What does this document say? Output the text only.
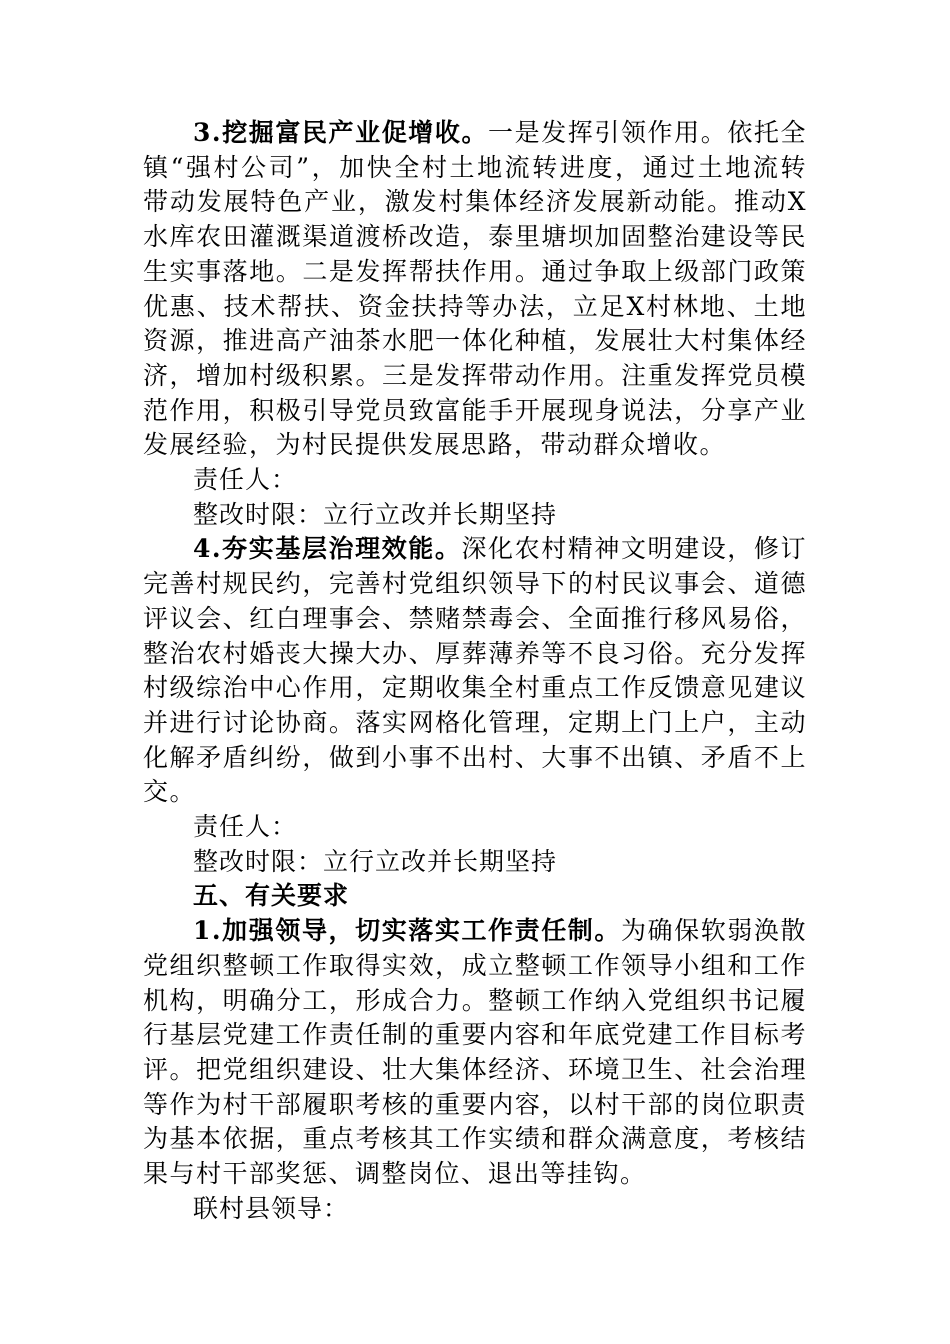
3.挖掘富民产业促增收。一是发挥引领作用。依托全镇“强村公司”，加快全村土地流转进度，通过土地流转带动发展特色产业，激发村集体经济发展新动能。推动X水库农田灌溉渠道渡桥改造，泰里塘坝加固整治建设等民生实事落地。二是发挥帮扶作用。通过争取上级部门政策优惠、技术帮扶、资金扶持等办法，立足X村林地、土地资源，推进高产油茶水肥一体化种植，发展壮大村集体经济，增加村级积累。三是发挥带动作用。注重发挥党员模范作用，积极引导党员致富能手开展现身说法，分享产业发展经验，为村民提供发展思路，带动群众增收。

责任人：

整改时限：立行立改并长期坚持

4.夯实基层治理效能。深化农村精神文明建设，修订完善村规民约，完善村党组织领导下的村民议事会、道德评议会、红白理事会、禁赌禁毒会、全面推行移风易俗，整治农村婚丧大操大办、厚葬薄养等不良习俗。充分发挥村级综治中心作用，定期收集全村重点工作反馈意见建议并进行讨论协商。落实网格化管理，定期上门上户，主动化解矛盾纠纷，做到小事不出村、大事不出镇、矛盾不上交。

责任人：

整改时限：立行立改并长期坚持

五、有关要求

1.加强领导，切实落实工作责任制。为确保软弱涣散党组织整顿工作取得实效，成立整顿工作领导小组和工作机构，明确分工，形成合力。整顿工作纳入党组织书记履行基层党建工作责任制的重要内容和年底党建工作目标考评。把党组织建设、壮大集体经济、环境卫生、社会治理等作为村干部履职考核的重要内容，以村干部的岗位职责为基本依据，重点考核其工作实绩和群众满意度，考核结果与村干部奖惩、调整岗位、退出等挂钩。

联村县领导：
